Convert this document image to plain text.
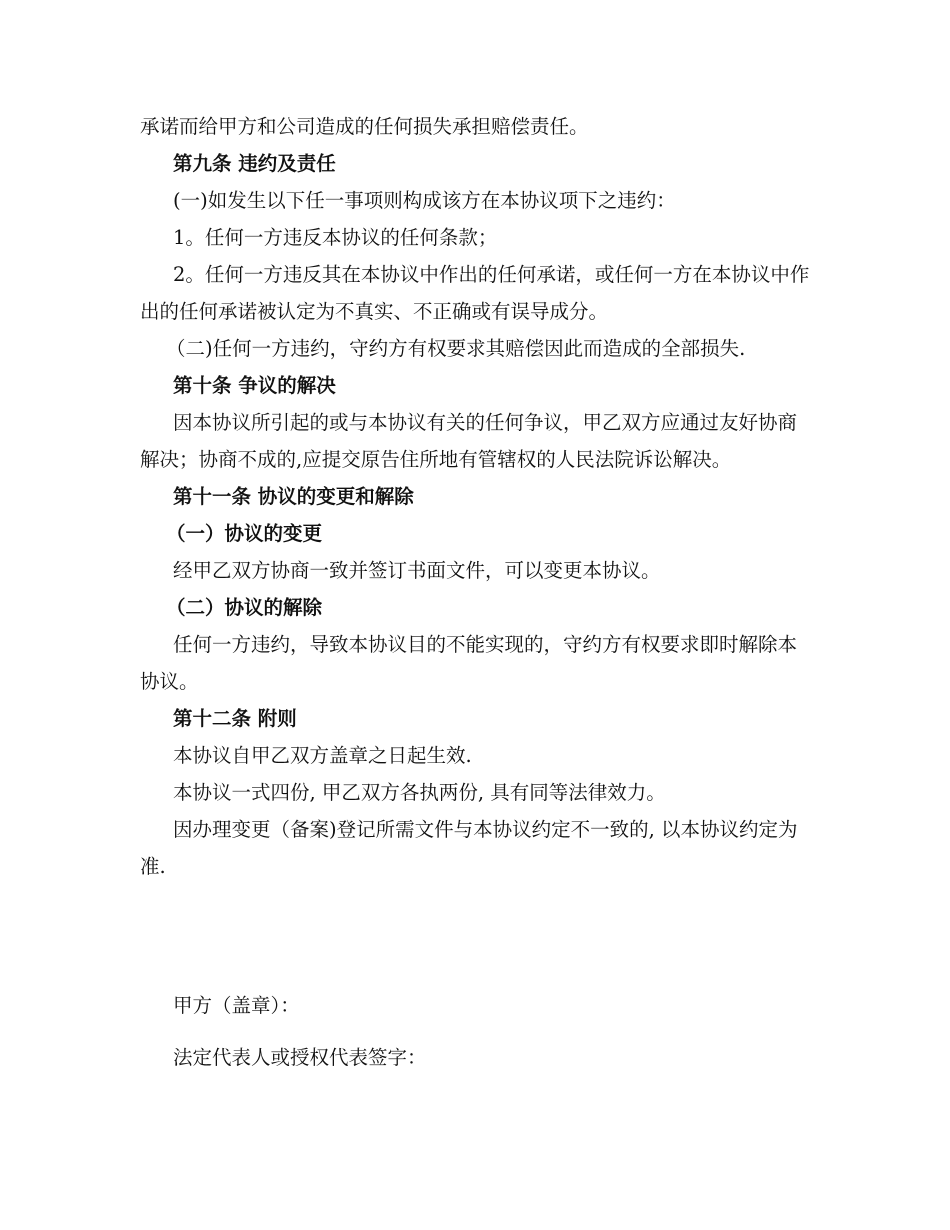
承诺而给甲方和公司造成的任何损失承担赔偿责任。

第九条 违约及责任

(一)如发生以下任一事项则构成该方在本协议项下之违约：

1。任何一方违反本协议的任何条款；

2。任何一方违反其在本协议中作出的任何承诺，或任何一方在本协议中作出的任何承诺被认定为不真实、不正确或有误导成分。

（二)任何一方违约，守约方有权要求其赔偿因此而造成的全部损失.

第十条 争议的解决

因本协议所引起的或与本协议有关的任何争议，甲乙双方应通过友好协商解决；协商不成的,应提交原告住所地有管辖权的人民法院诉讼解决。

第十一条 协议的变更和解除

（一）协议的变更

经甲乙双方协商一致并签订书面文件，可以变更本协议。

（二）协议的解除

任何一方违约，导致本协议目的不能实现的，守约方有权要求即时解除本协议。

第十二条 附则

本协议自甲乙双方盖章之日起生效.

本协议一式四份, 甲乙双方各执两份, 具有同等法律效力。

因办理变更（备案)登记所需文件与本协议约定不一致的, 以本协议约定为准.

甲方（盖章）：

法定代表人或授权代表签字：
